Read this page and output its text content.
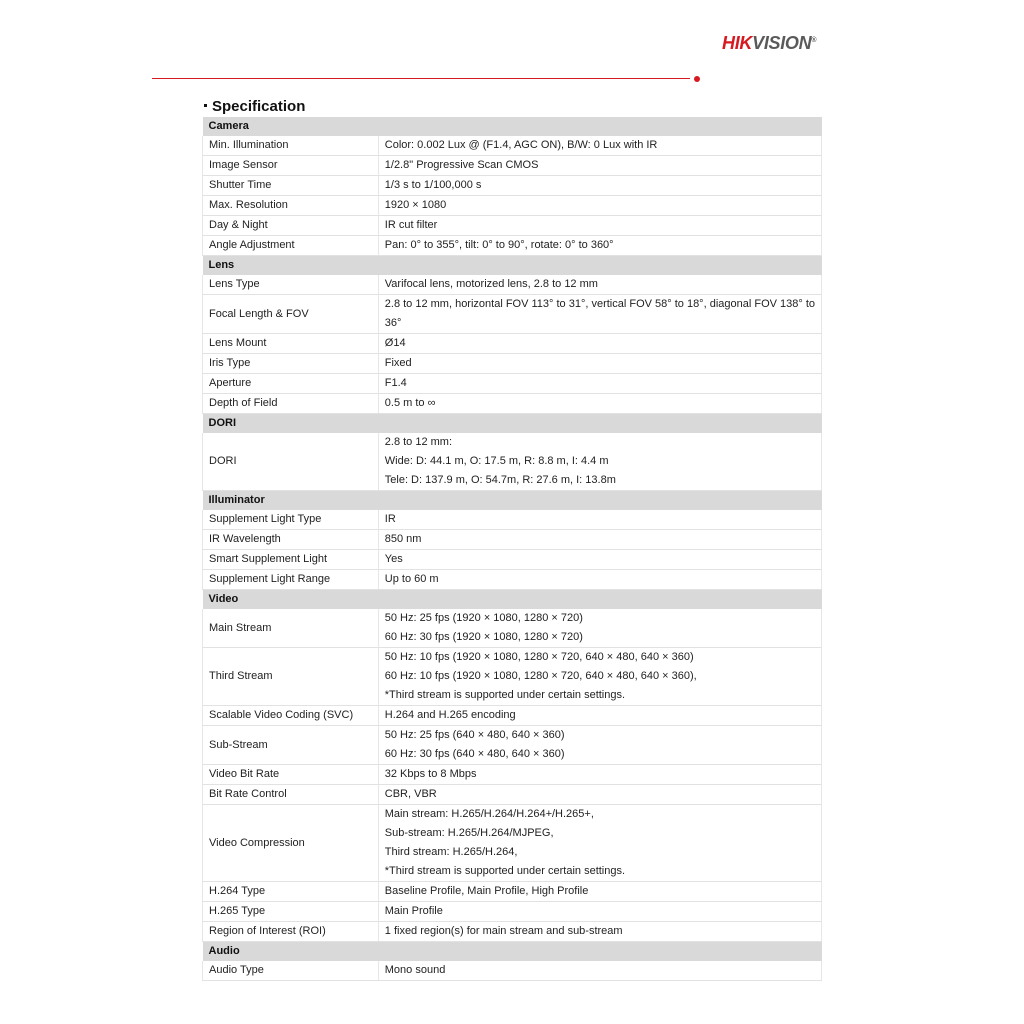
HIKVISION®
Specification
Camera	
Min. Illumination	Color: 0.002 Lux @ (F1.4, AGC ON), B/W: 0 Lux with IR

Image Sensor	1/2.8" Progressive Scan CMOS

Shutter Time	1/3 s to 1/100,000 s

Max. Resolution	1920 × 1080

Day & Night	IR cut filter

Angle Adjustment	Pan: 0° to 355°, tilt: 0° to 90°, rotate: 0° to 360°

Lens	
Lens Type	Varifocal lens, motorized lens, 2.8 to 12 mm

Focal Length & FOV	2.8 to 12 mm, horizontal FOV 113° to 31°, vertical FOV 58° to 18°, diagonal FOV 138° to
36°

Lens Mount	Ø14

Iris Type	Fixed

Aperture	F1.4

Depth of Field	0.5 m to ∞

DORI	
DORI	2.8 to 12 mm:
Wide: D: 44.1 m, O: 17.5 m, R: 8.8 m, I: 4.4 m
Tele: D: 137.9 m, O: 54.7m, R: 27.6 m, I: 13.8m

Illuminator	
Supplement Light Type	IR

IR Wavelength	850 nm

Smart Supplement Light	Yes

Supplement Light Range	Up to 60 m

Video	
Main Stream	50 Hz: 25 fps (1920 × 1080, 1280 × 720)
60 Hz: 30 fps (1920 × 1080, 1280 × 720)

Third Stream	50 Hz: 10 fps (1920 × 1080, 1280 × 720, 640 × 480, 640 × 360)
60 Hz: 10 fps (1920 × 1080, 1280 × 720, 640 × 480, 640 × 360),
*Third stream is supported under certain settings.

Scalable Video Coding (SVC)	H.264 and H.265 encoding

Sub-Stream	50 Hz: 25 fps (640 × 480, 640 × 360)
60 Hz: 30 fps (640 × 480, 640 × 360)

Video Bit Rate	32 Kbps to 8 Mbps

Bit Rate Control	CBR, VBR

Video Compression	Main stream: H.265/H.264/H.264+/H.265+,
Sub-stream: H.265/H.264/MJPEG,
Third stream: H.265/H.264,
*Third stream is supported under certain settings.

H.264 Type	Baseline Profile, Main Profile, High Profile

H.265 Type	Main Profile

Region of Interest (ROI)	1 fixed region(s) for main stream and sub-stream

Audio	
Audio Type	Mono sound
